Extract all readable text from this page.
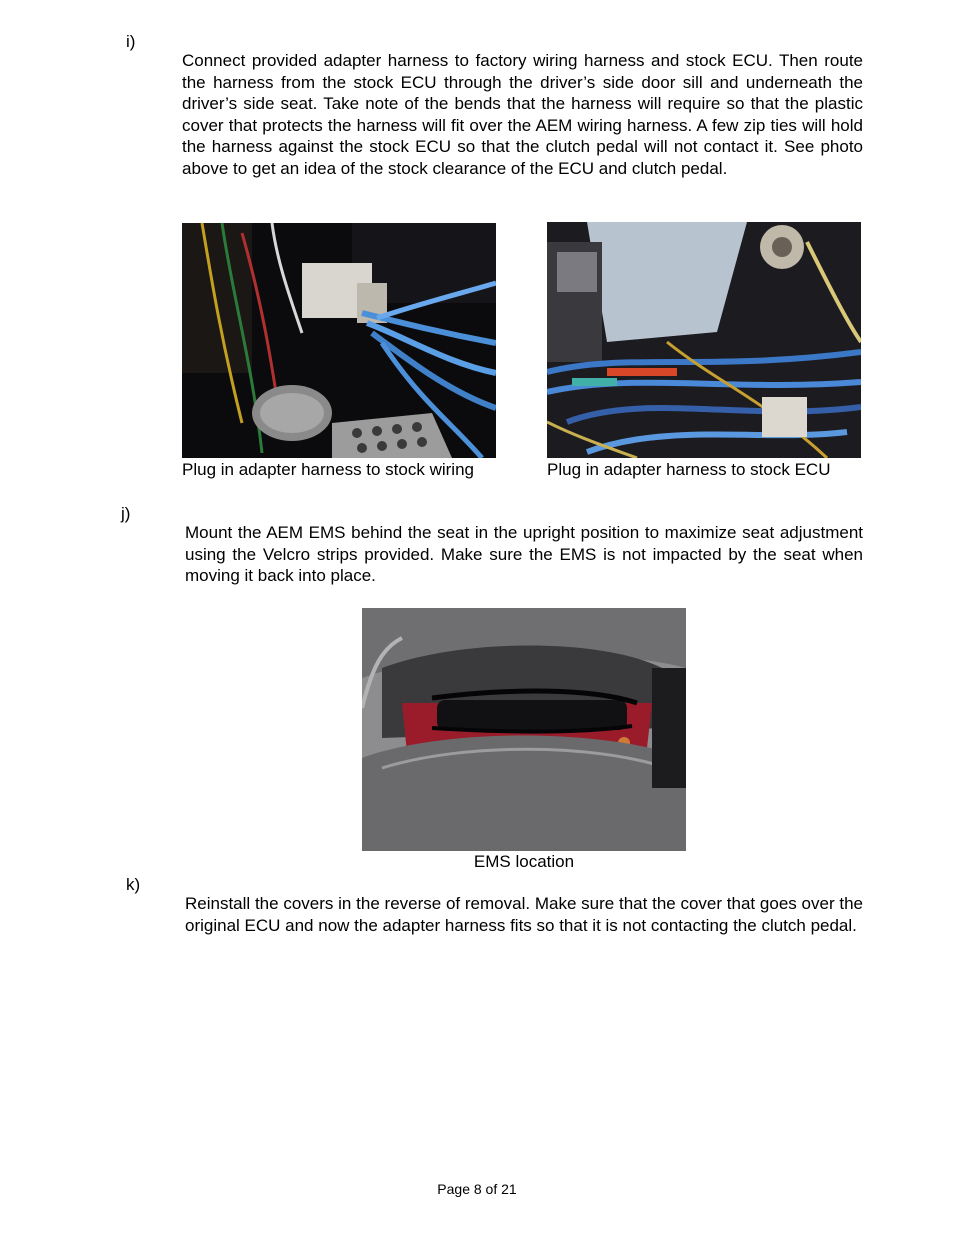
i)
Connect provided adapter harness to factory wiring harness and stock ECU. Then route the harness from the stock ECU through the driver’s side door sill and underneath the driver’s side seat. Take note of the bends that the harness will require so that the plastic cover that protects the harness will fit over the AEM wiring harness. A few zip ties will hold the harness against the stock ECU so that the clutch pedal will not contact it. See photo above to get an idea of the stock clearance of the ECU and clutch pedal.
Plug in adapter harness to stock wiring	Plug in adapter harness to stock ECU
j)
Mount the AEM EMS behind the seat in the upright position to maximize seat adjustment using the Velcro strips provided. Make sure the EMS is not impacted by the seat when moving it back into place.
EMS location
k)
Reinstall the covers in the reverse of removal. Make sure that the cover that goes over the original ECU and now the adapter harness fits so that it is not contacting the clutch pedal.
Page 8 of 21
